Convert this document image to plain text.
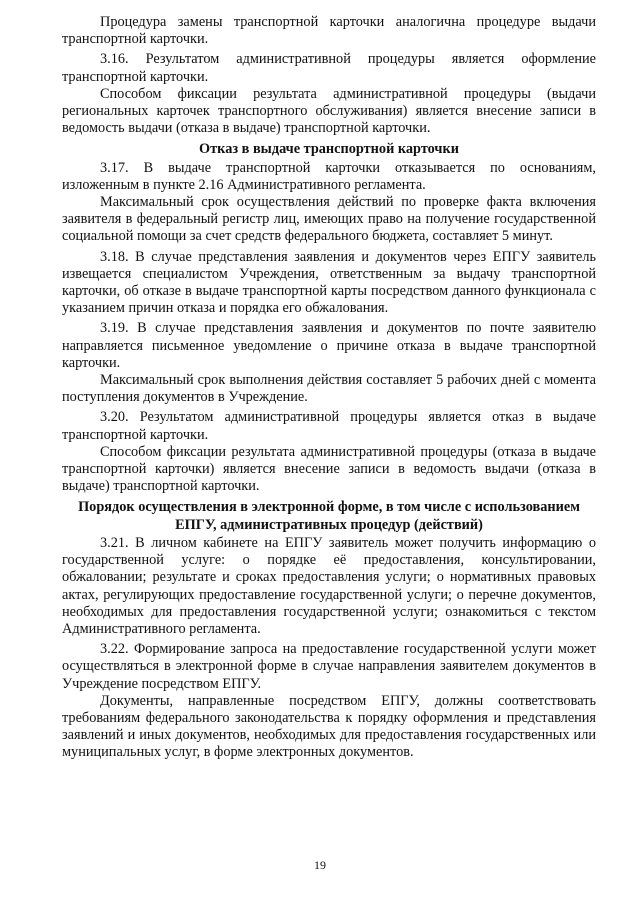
Процедура замены транспортной карточки аналогична процедуре выдачи транспортной карточки.

3.16. Результатом административной процедуры является оформление транспортной карточки.

Способом фиксации результата административной процедуры (выдачи региональных карточек транспортного обслуживания) является внесение записи в ведомость выдачи (отказа в выдаче) транспортной карточки.

Отказ в выдаче транспортной карточки

3.17. В выдаче транспортной карточки отказывается по основаниям, изложенным в пункте 2.16 Административного регламента.

Максимальный срок осуществления действий по проверке факта включения заявителя в федеральный регистр лиц, имеющих право на получение государственной социальной помощи за счет средств федерального бюджета, составляет 5 минут.

3.18. В случае представления заявления и документов через ЕПГУ заявитель извещается специалистом Учреждения, ответственным за выдачу транспортной карточки, об отказе в выдаче транспортной карты посредством данного функционала с указанием причин отказа и порядка его обжалования.

3.19. В случае представления заявления и документов по почте заявителю направляется письменное уведомление о причине отказа в выдаче транспортной карточки.

Максимальный срок выполнения действия составляет 5 рабочих дней с момента поступления документов в Учреждение.

3.20. Результатом административной процедуры является отказ в выдаче транспортной карточки.

Способом фиксации результата административной процедуры (отказа в выдаче транспортной карточки) является внесение записи в ведомость выдачи (отказа в выдаче) транспортной карточки.

Порядок осуществления в электронной форме, в том числе с использованием
ЕПГУ, административных процедур (действий)

3.21. В личном кабинете на ЕПГУ заявитель может получить информацию о государственной услуге: о порядке её предоставления, консультировании, обжаловании; результате и сроках предоставления услуги; о нормативных правовых актах, регулирующих предоставление государственной услуги; о перечне документов, необходимых для предоставления государственной услуги; ознакомиться с текстом Административного регламента.

3.22. Формирование запроса на предоставление государственной услуги может осуществляться в электронной форме в случае направления заявителем документов в Учреждение посредством ЕПГУ.

Документы, направленные посредством ЕПГУ, должны соответствовать требованиям федерального законодательства к порядку оформления и представления заявлений и иных документов, необходимых для предоставления государственных или муниципальных услуг, в форме электронных документов.

19
